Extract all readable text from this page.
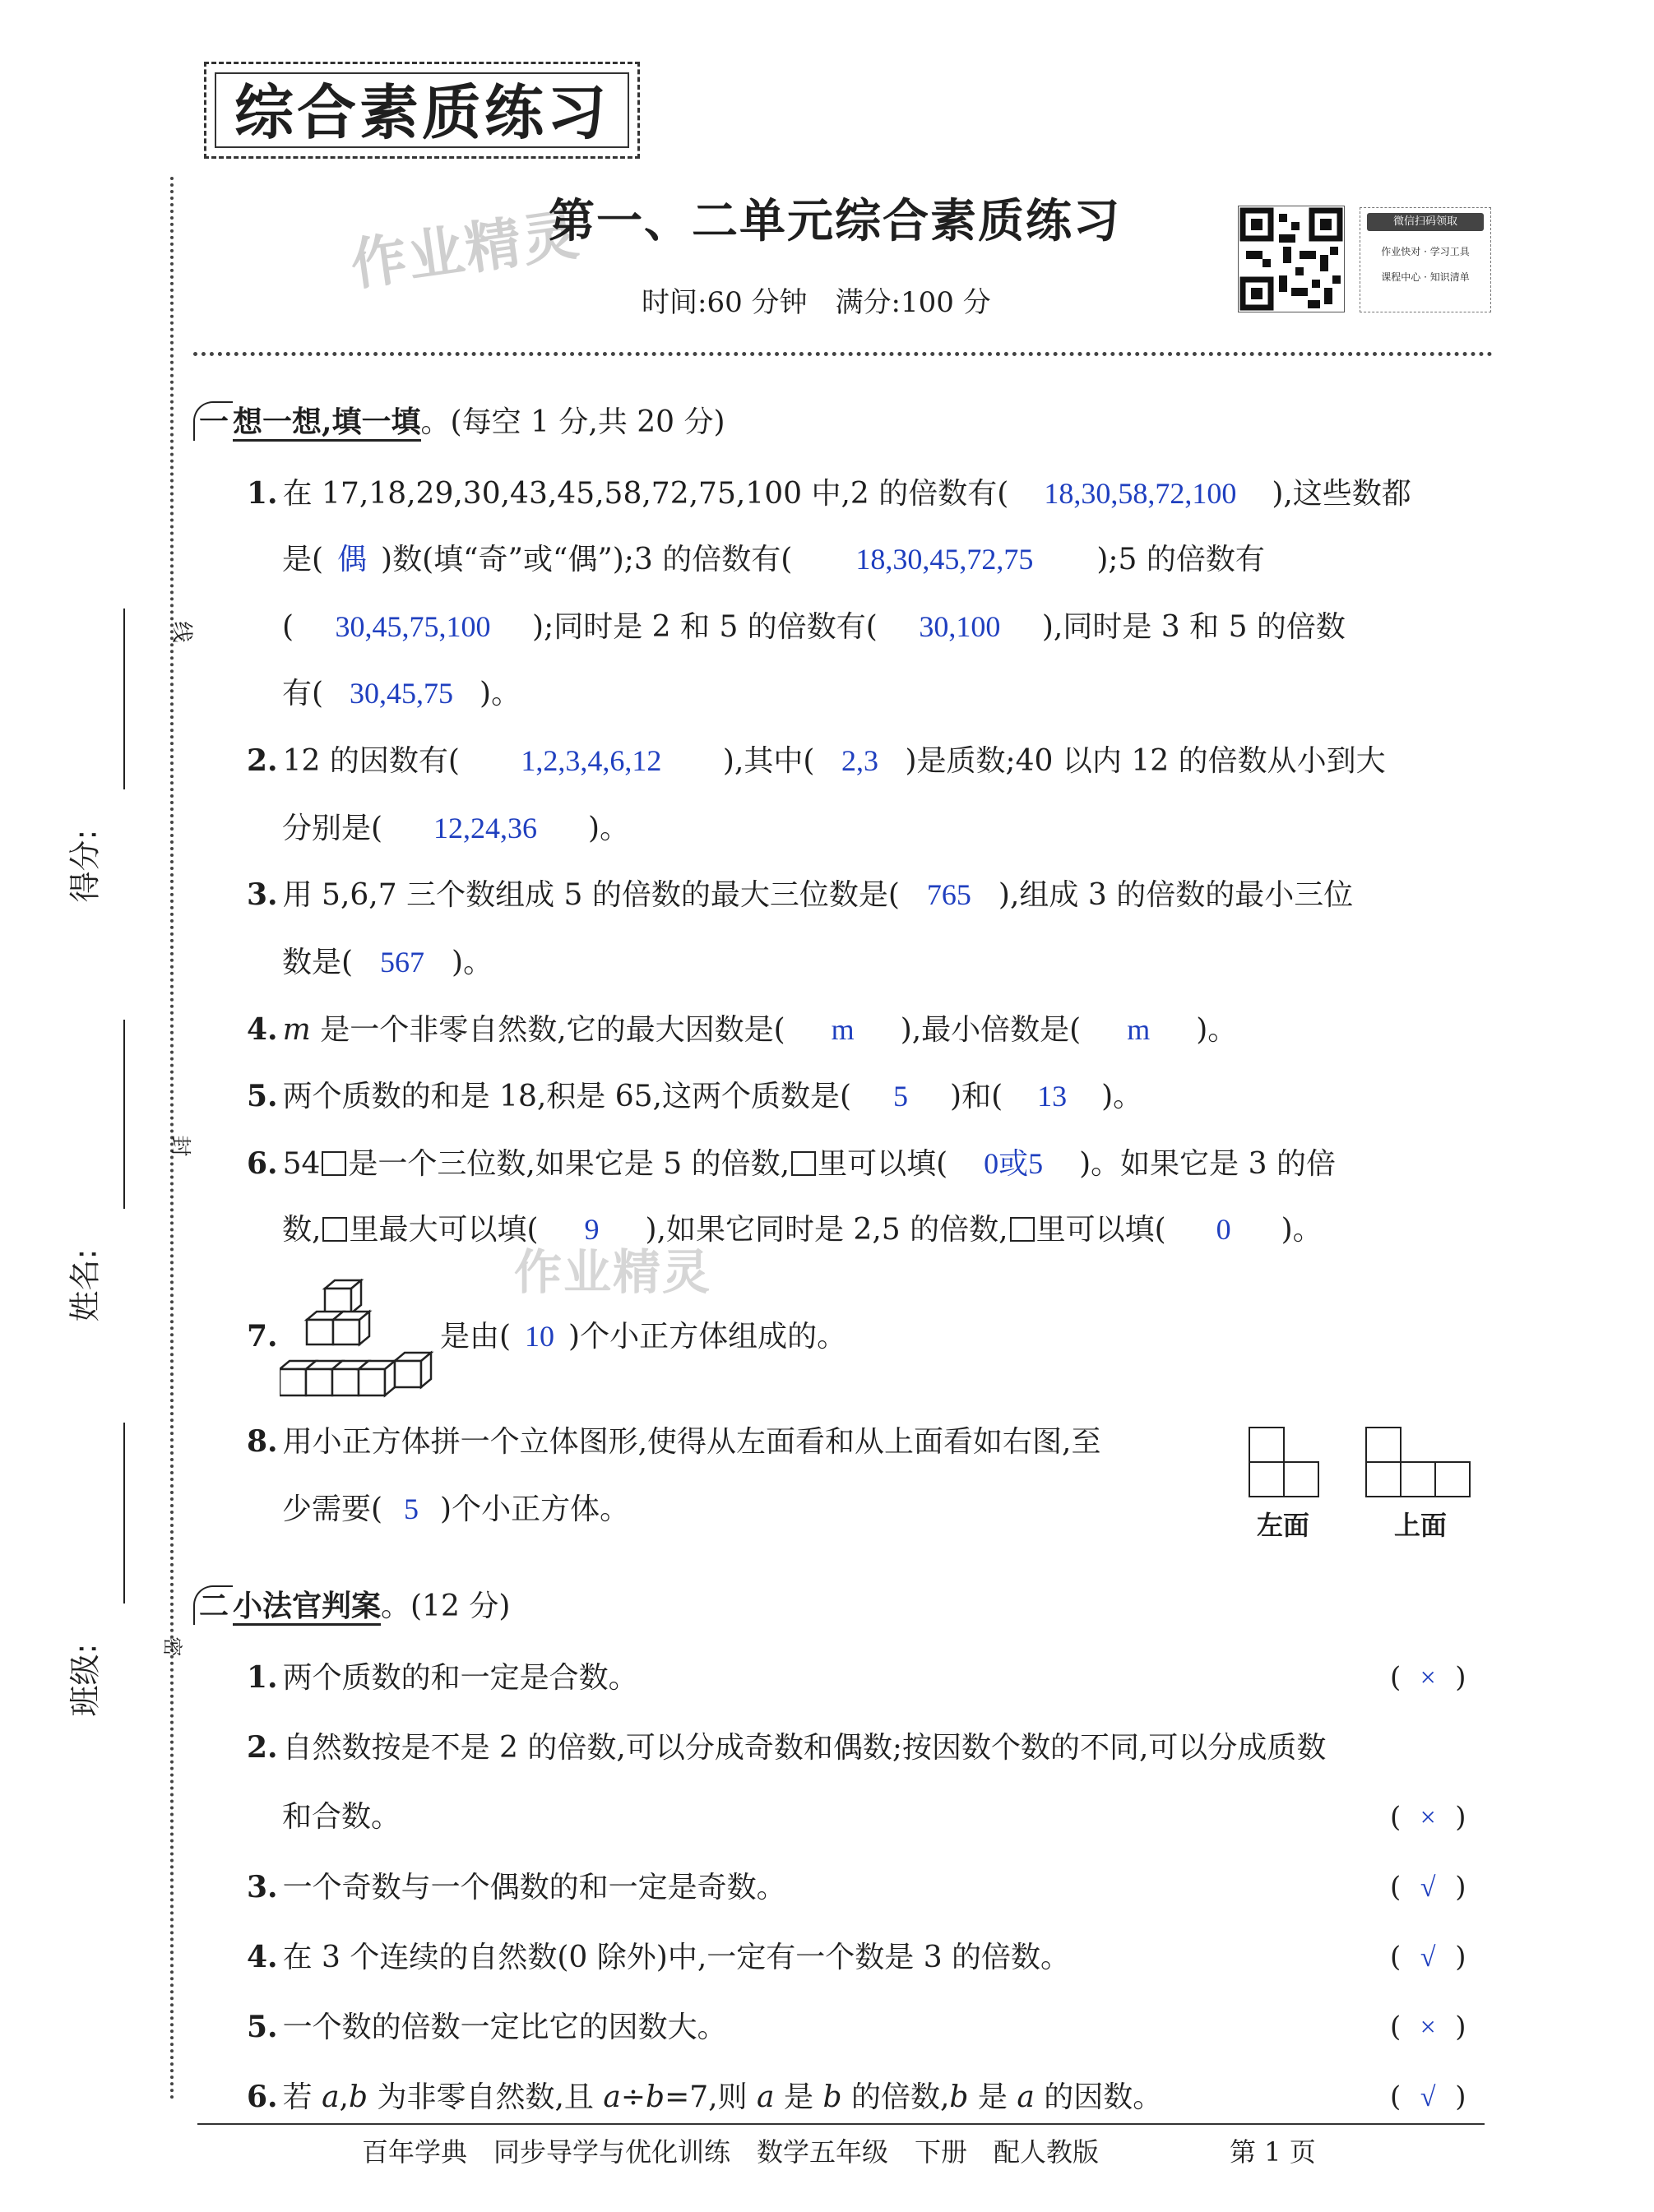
综合素质练习
作业精灵
作业精灵
第一、二单元综合素质练习
时间:60 分钟　满分:100 分
微信扫码领取
作业快对 · 学习工具
课程中心 · 知识清单
得分:
姓名:
班级:
线
封
密
一 想一想,填一填。(每空 1 分,共 20 分)
1. 在 17,18,29,30,43,45,58,72,75,100 中,2 的倍数有( 18,30,58,72,100 ),这些数都
是( 偶 )数(填“奇”或“偶”);3 的倍数有( 18,30,45,72,75 );5 的倍数有
( 30,45,75,100 );同时是 2 和 5 的倍数有( 30,100 ),同时是 3 和 5 的倍数
有( 30,45,75 )。
2. 12 的因数有( 1,2,3,4,6,12 ),其中( 2,3 )是质数;40 以内 12 的倍数从小到大
分别是( 12,24,36 )。
3. 用 5,6,7 三个数组成 5 的倍数的最大三位数是( 765 ),组成 3 的倍数的最小三位
数是( 567 )。
4. m 是一个非零自然数,它的最大因数是( m ),最小倍数是( m )。
5. 两个质数的和是 18,积是 65,这两个质数是( 5 )和( 13 )。
6. 54 是一个三位数,如果它是 5 的倍数, 里可以填( 0或5 )。如果它是 3 的倍
数, 里最大可以填( 9 ),如果它同时是 2,5 的倍数, 里可以填( 0 )。
7.	是由( 10 )个小正方体组成的。
8. 用小正方体拼一个立体图形,使得从左面看和从上面看如右图,至
少需要( 5 )个小正方体。	左面	上面
二 小法官判案。(12 分)
1. 两个质数的和一定是合数。	( × )
2. 自然数按是不是 2 的倍数,可以分成奇数和偶数;按因数个数的不同,可以分成质数
和合数。	( × )
3. 一个奇数与一个偶数的和一定是奇数。	( √ )
4. 在 3 个连续的自然数(0 除外)中,一定有一个数是 3 的倍数。	( √ )
5. 一个数的倍数一定比它的因数大。	( × )
6. 若 a,b 为非零自然数,且 a÷b=7,则 a 是 b 的倍数,b 是 a 的因数。	( √ )
百年学典　同步导学与优化训练　数学五年级　下册　配人教版	第 1 页
